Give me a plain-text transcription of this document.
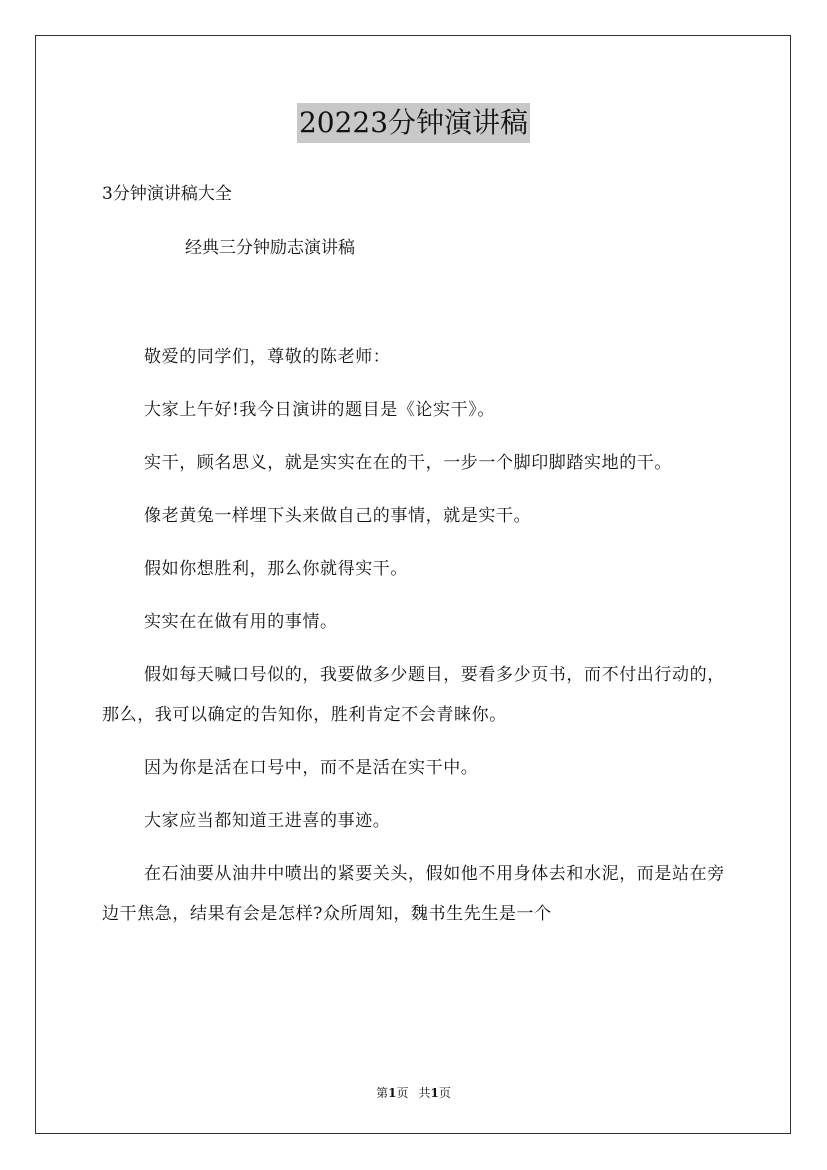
20223分钟演讲稿

3分钟演讲稿大全

经典三分钟励志演讲稿

敬爱的同学们，尊敬的陈老师：

大家上午好!我今日演讲的题目是《论实干》。

实干，顾名思义，就是实实在在的干，一步一个脚印脚踏实地的干。

像老黄兔一样埋下头来做自己的事情，就是实干。

假如你想胜利，那么你就得实干。

实实在在做有用的事情。

假如每天喊口号似的，我要做多少题目，要看多少页书，而不付出行动的，那么，我可以确定的告知你，胜利肯定不会青睐你。

因为你是活在口号中，而不是活在实干中。

大家应当都知道王进喜的事迹。

在石油要从油井中喷出的紧要关头，假如他不用身体去和水泥，而是站在旁边干焦急，结果有会是怎样?众所周知，魏书生先生是一个

第1页 共1页
